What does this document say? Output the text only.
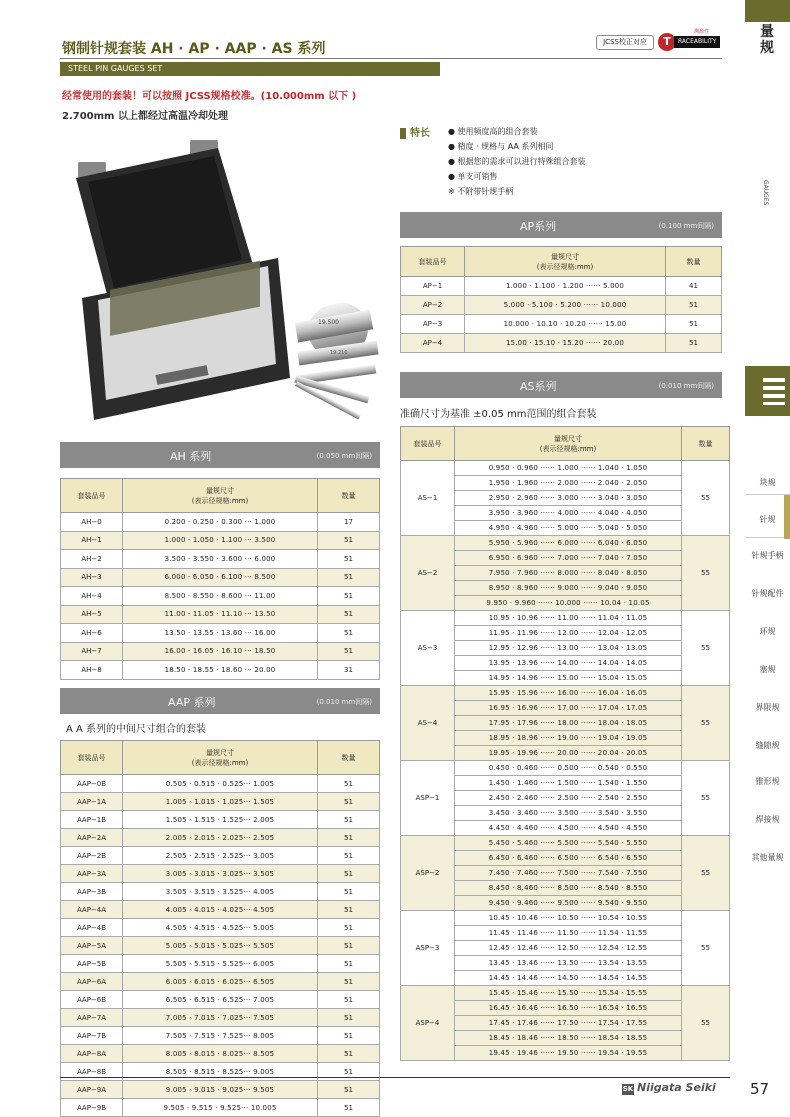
量规
GAUGES
钢制针规套装 AH · AP · AAP · AS 系列
STEEL PIN GAUGES SET
JCSS校正对应	T	RACEABILITY
溯源性
经常使用的套装！可以按照 JCSS规格校准。(10.000mm 以下 )
2.700mm 以上都经过高温冷却处理
特长 ● 使用频度高的组合套装
● 精度 · 规格与 AA 系列相同
● 根据您的需求可以进行特殊组合套装
● 单支可销售
※ 不附带针规手柄
19.500
19.210
AP系列	(0.100 mm间隔)
套装品号	量规尺寸
(表示径规格:mm)	数量
AP−1	1.000 · 1.100 · 1.200 ······ 5.000	41
AP−2	5.000 · 5.100 · 5.200 ······ 10.000	51
AP−3	10.000 · 10.10 · 10.20 ······ 15.00	51
AP−4	15.00 · 15.10 · 15.20 ······ 20.00	51
AS系列	(0.010 mm间隔)
准确尺寸为基准 ±0.05 mm范围的组合套装
套装品号	量规尺寸
(表示径规格:mm)	数量
AS−1	0.950 · 0.960 ······ 1.000 ······ 1.040 · 1.050	55
	1.950 · 1.960 ······ 2.000 ······ 2.040 · 2.050	
	2.950 · 2.960 ······ 3.000 ······ 3.040 · 3.050	
	3.950 · 3.960 ······ 4.000 ······ 4.040 · 4.050	
	4.950 · 4.960 ······ 5.000 ······ 5.040 · 5.050	
AS−2	5.950 · 5.960 ······ 6.000 ······ 6.040 · 6.050	55
	6.950 · 6.960 ······ 7.000 ······ 7.040 · 7.050	
	7.950 · 7.960 ······ 8.000 ······ 8.040 · 8.050	
	8.950 · 8.960 ······ 9.000 ······ 9.040 · 9.050	
	9.950 · 9.960 ······ 10.000 ······ 10.04 · 10.05	
AS−3	10.95 · 10.96 ······ 11.00 ······ 11.04 · 11.05	55
	11.95 · 11.96 ······ 12.00 ······ 12.04 · 12.05	
	12.95 · 12.96 ······ 13.00 ······ 13.04 · 13.05	
	13.95 · 13.96 ······ 14.00 ······ 14.04 · 14.05	
	14.95 · 14.96 ······ 15.00 ······ 15.04 · 15.05	
AS−4	15.95 · 15.96 ······ 16.00 ······ 16.04 · 16.05	55
	16.95 · 16.96 ······ 17.00 ······ 17.04 · 17.05	
	17.95 · 17.96 ······ 18.00 ······ 18.04 · 18.05	
	18.95 · 18.96 ······ 19.00 ······ 19.04 · 19.05	
	19.95 · 19.96 ······ 20.00 ······ 20.04 · 20.05	
ASP−1	0.450 · 0.460 ······ 0.500 ······ 0.540 · 0.550	55
	1.450 · 1.460 ······ 1.500 ······ 1.540 · 1.550	
	2.450 · 2.460 ······ 2.500 ······ 2.540 · 2.550	
	3.450 · 3.460 ······ 3.500 ······ 3.540 · 3.550	
	4.450 · 4.460 ······ 4.500 ······ 4.540 · 4.550	
ASP−2	5.450 · 5.460 ······ 5.500 ······ 5.540 · 5.550	55
	6.450 · 6.460 ······ 6.500 ······ 6.540 · 6.550	
	7.450 · 7.460 ······ 7.500 ······ 7.540 · 7.550	
	8.450 · 8.460 ······ 8.500 ······ 8.540 · 8.550	
	9.450 · 9.460 ······ 9.500 ······ 9.540 · 9.550	
ASP−3	10.45 · 10.46 ······ 10.50 ······ 10.54 · 10.55	55
	11.45 · 11.46 ······ 11.50 ······ 11.54 · 11.55	
	12.45 · 12.46 ······ 12.50 ······ 12.54 · 12.55	
	13.45 · 13.46 ······ 13.50 ······ 13.54 · 13.55	
	14.45 · 14.46 ······ 14.50 ······ 14.54 · 14.55	
ASP−4	15.45 · 15.46 ······ 15.50 ······ 15.54 · 15.55	55
	16.45 · 16.46 ······ 16.50 ······ 16.54 · 16.55	
	17.45 · 17.46 ······ 17.50 ······ 17.54 · 17.55	
	18.45 · 18.46 ······ 18.50 ······ 18.54 · 18.55	
	19.45 · 19.46 ······ 19.50 ······ 19.54 · 19.55	
AH 系列	(0.050 mm间隔)
套装品号	量规尺寸
(表示径规格:mm)	数量
AH−0	0.200 · 0.250 · 0.300 ··· 1.000	17
AH−1	1.000 · 1.050 · 1.100 ··· 3.500	51
AH−2	3.500 · 3.550 · 3.600 ··· 6.000	51
AH−3	6.000 · 6.050 · 6.100 ··· 8.500	51
AH−4	8.500 · 8.550 · 8.600 ··· 11.00	51
AH−5	11.00 · 11.05 · 11.10 ··· 13.50	51
AH−6	13.50 · 13.55 · 13.60 ··· 16.00	51
AH−7	16.00 · 16.05 · 16.10 ··· 18.50	51
AH−8	18.50 · 18.55 · 18.60 ··· 20.00	31
AAP 系列	(0.010 mm间隔)
A A 系列的中间尺寸组合的套装
套装品号	量规尺寸
(表示径规格:mm)	数量
AAP−0B	0.505 · 0.515 · 0.525··· 1.005	51
AAP−1A	1.005 · 1.015 · 1.025··· 1.505	51
AAP−1B	1.505 · 1.515 · 1.525··· 2.005	51
AAP−2A	2.005 · 2.015 · 2.025··· 2.505	51
AAP−2B	2.505 · 2.515 · 2.525··· 3.005	51
AAP−3A	3.005 · 3.015 · 3.025··· 3.505	51
AAP−3B	3.505 · 3.515 · 3.525··· 4.005	51
AAP−4A	4.005 · 4.015 · 4.025··· 4.505	51
AAP−4B	4.505 · 4.515 · 4.525··· 5.005	51
AAP−5A	5.005 · 5.015 · 5.025··· 5.505	51
AAP−5B	5.505 · 5.515 · 5.525··· 6.005	51
AAP−6A	6.005 · 6.015 · 6.025··· 6.505	51
AAP−6B	6.505 · 6.515 · 6.525··· 7.005	51
AAP−7A	7.005 · 7.015 · 7.025··· 7.505	51
AAP−7B	7.505 · 7.515 · 7.525··· 8.005	51
AAP−8A	8.005 · 8.015 · 8.025··· 8.505	51
AAP−8B	8.505 · 8.515 · 8.525··· 9.005	51
AAP−9A	9.005 · 9.015 · 9.025··· 9.505	51
AAP−9B	9.505 · 9.515 · 9.525··· 10.005	51
SK Niigata Seiki 57
块规
针规
针规手柄
针规配件
环规
塞规
界限规
缝隙规
锥形规
焊接规
其他量规
